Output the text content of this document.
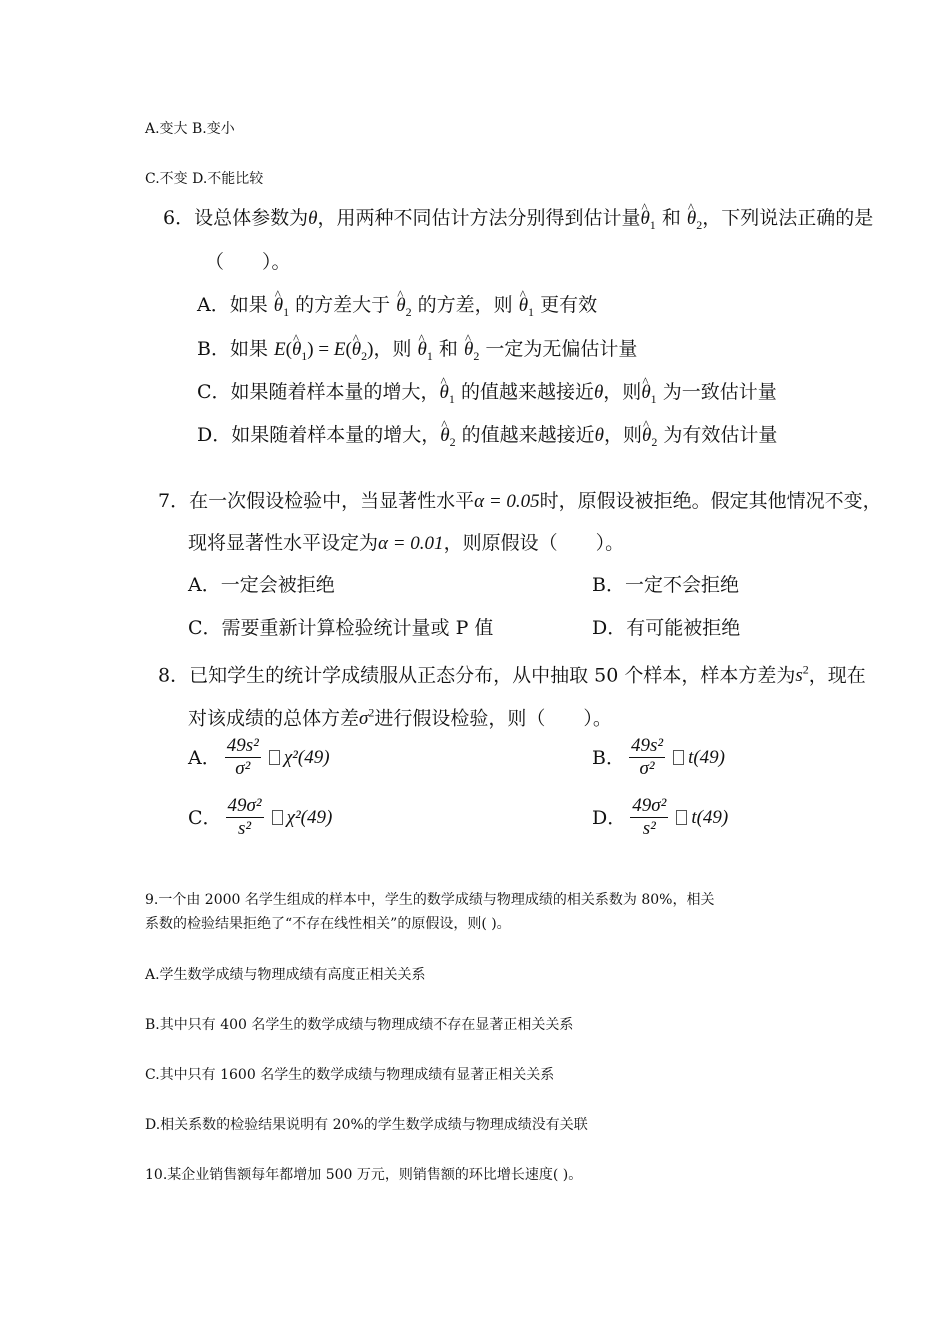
A.变大 B.变小
C.不变 D.不能比较
6．设总体参数为θ，用两种不同估计方法分别得到估计量^ $\theta_1$ 和 ^ $\theta_2$，下列说法正确的是
（　　）。
A．如果 ^ $\theta_1$ 的方差大于 ^ $\theta_2$ 的方差，则 ^ $\theta_1$ 更有效
B．如果 E(^ $\theta_1$) = E(^ $\theta_2$)，则 ^ $\theta_1$ 和 ^ $\theta_2$ 一定为无偏估计量
C．如果随着样本量的增大，^ $\theta_1$ 的值越来越接近θ，则^ $\theta_1$ 为一致估计量
D．如果随着样本量的增大，^ $\theta_2$ 的值越来越接近θ，则^ $\theta_2$ 为有效估计量
7．在一次假设检验中，当显著性水平α = 0.05时，原假设被拒绝。假定其他情况不变，
现将显著性水平设定为α = 0.01，则原假设（　　）。
A．一定会被拒绝	B．一定不会拒绝
C．需要重新计算检验统计量或 P 值	D．有可能被拒绝
8．已知学生的统计学成绩服从正态分布，从中抽取 50 个样本，样本方差为$s^2$，现在
对该成绩的总体方差$\sigma^2$进行假设检验，则（　　）。
A． $\frac{\text{49s²}}{\text{σ²}} \chi^2(49)$	B． $\frac{\text{49s²}}{\text{σ²}} t(49)$
C． $\frac{\text{49σ²}}{\text{s²}} \chi^2(49)$	D． $\frac{\text{49σ²}}{\text{s²}} t(49)$
9.一个由 2000 名学生组成的样本中，学生的数学成绩与物理成绩的相关系数为 80%，相关
系数的检验结果拒绝了“不存在线性相关”的原假设，则( )。
A.学生数学成绩与物理成绩有高度正相关关系
B.其中只有 400 名学生的数学成绩与物理成绩不存在显著正相关关系
C.其中只有 1600 名学生的数学成绩与物理成绩有显著正相关关系
D.相关系数的检验结果说明有 20%的学生数学成绩与物理成绩没有关联
10.某企业销售额每年都增加 500 万元，则销售额的环比增长速度( )。
